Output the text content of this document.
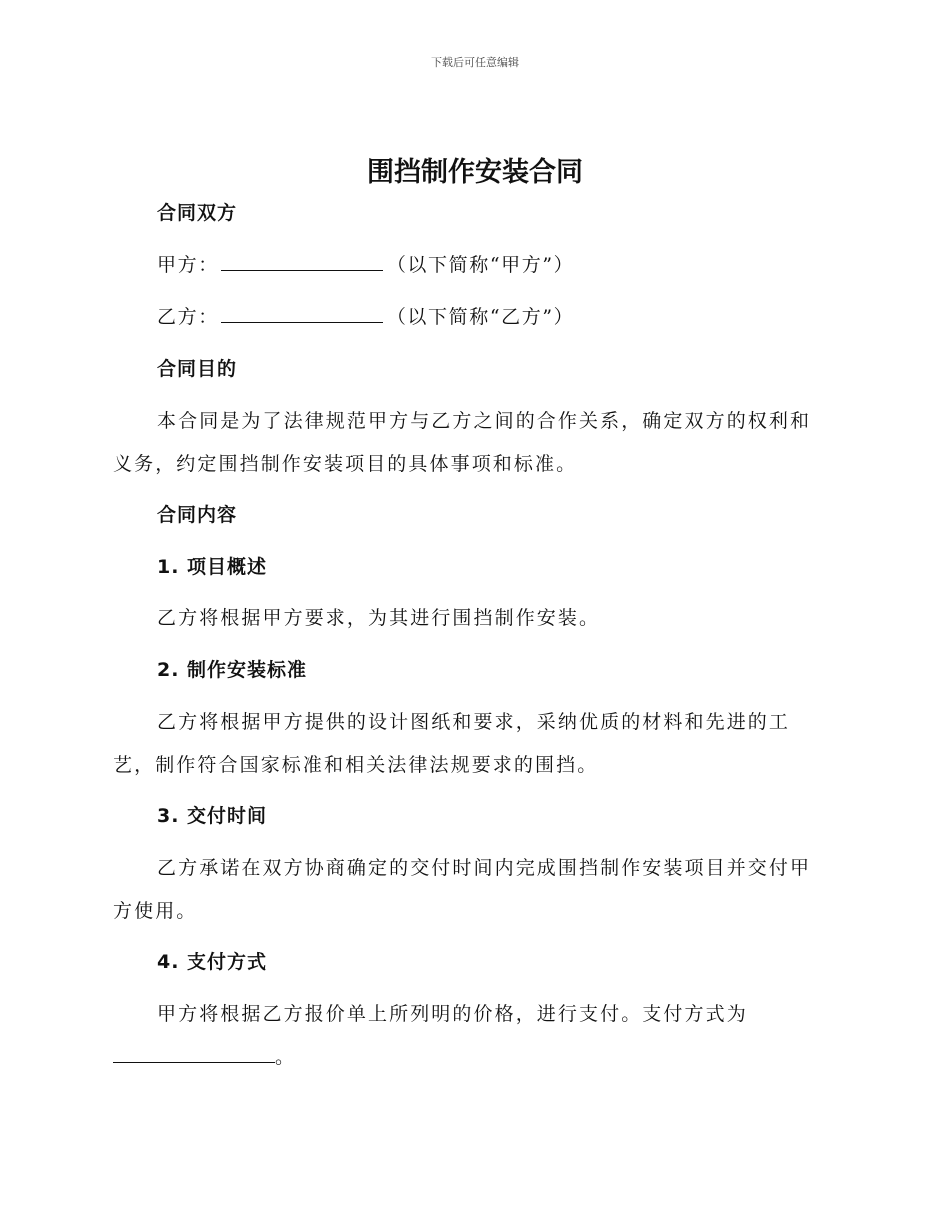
下载后可任意编辑
围挡制作安装合同
合同双方
甲方：	（以下简称“甲方”）
乙方：	（以下简称“乙方”）
合同目的
本合同是为了法律规范甲方与乙方之间的合作关系，确定双方的权利和
义务，约定围挡制作安装项目的具体事项和标准。
合同内容
1. 项目概述
乙方将根据甲方要求，为其进行围挡制作安装。
2. 制作安装标准
乙方将根据甲方提供的设计图纸和要求，采纳优质的材料和先进的工
艺，制作符合国家标准和相关法律法规要求的围挡。
3. 交付时间
乙方承诺在双方协商确定的交付时间内完成围挡制作安装项目并交付甲
方使用。
4. 支付方式
甲方将根据乙方报价单上所列明的价格，进行支付。支付方式为
。
